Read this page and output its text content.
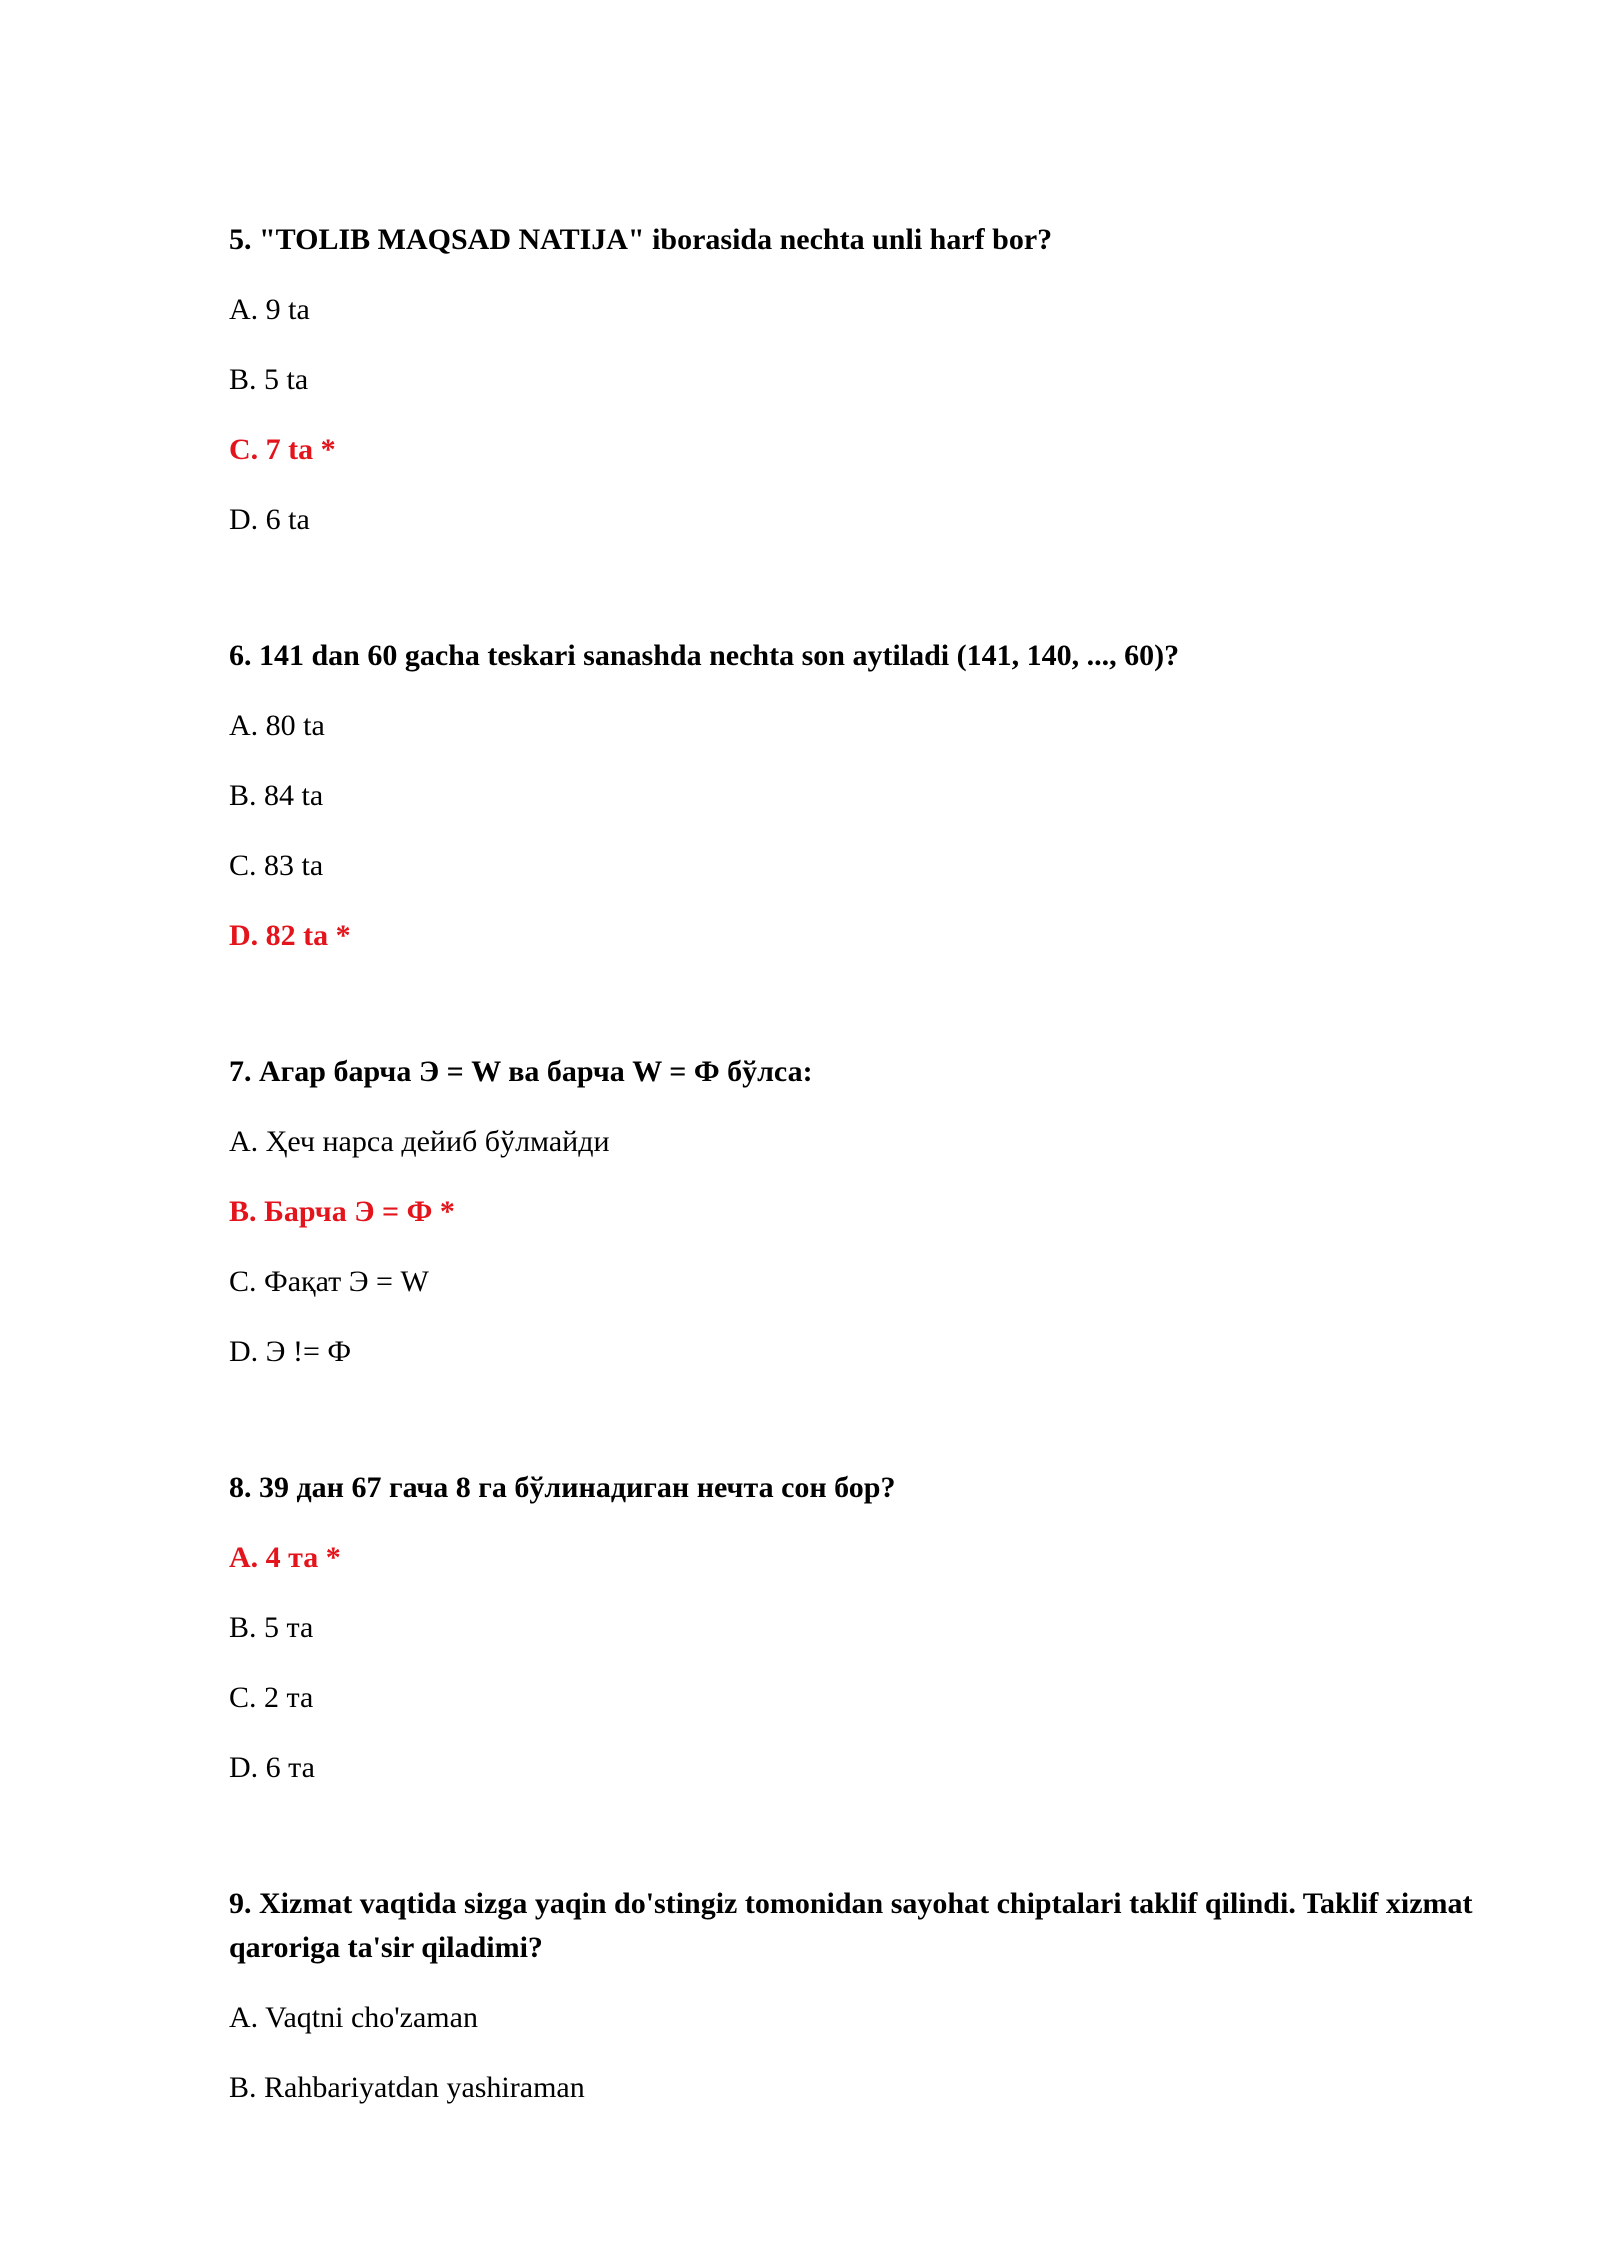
5. "TOLIB MAQSAD NATIJA" iborasida nechta unli harf bor?

A. 9 ta
B. 5 ta
C. 7 ta *
D. 6 ta

6. 141 dan 60 gacha teskari sanashda nechta son aytiladi (141, 140, ..., 60)?

A. 80 ta
B. 84 ta
C. 83 ta
D. 82 ta *

7. Агар барча Э = W ва барча W = Ф бўлса:

A. Ҳеч нарса дейиб бўлмайди
B. Барча Э = Ф *
C. Фақат Э = W
D. Э != Ф

8. 39 дан 67 гача 8 га бўлинадиган нечта сон бор?

A. 4 та *
B. 5 та
C. 2 та
D. 6 та

9. Xizmat vaqtida sizga yaqin do'stingiz tomonidan sayohat chiptalari taklif qilindi. Taklif xizmat qaroriga ta'sir qiladimi?

A. Vaqtni cho'zaman
B. Rahbariyatdan yashiraman
